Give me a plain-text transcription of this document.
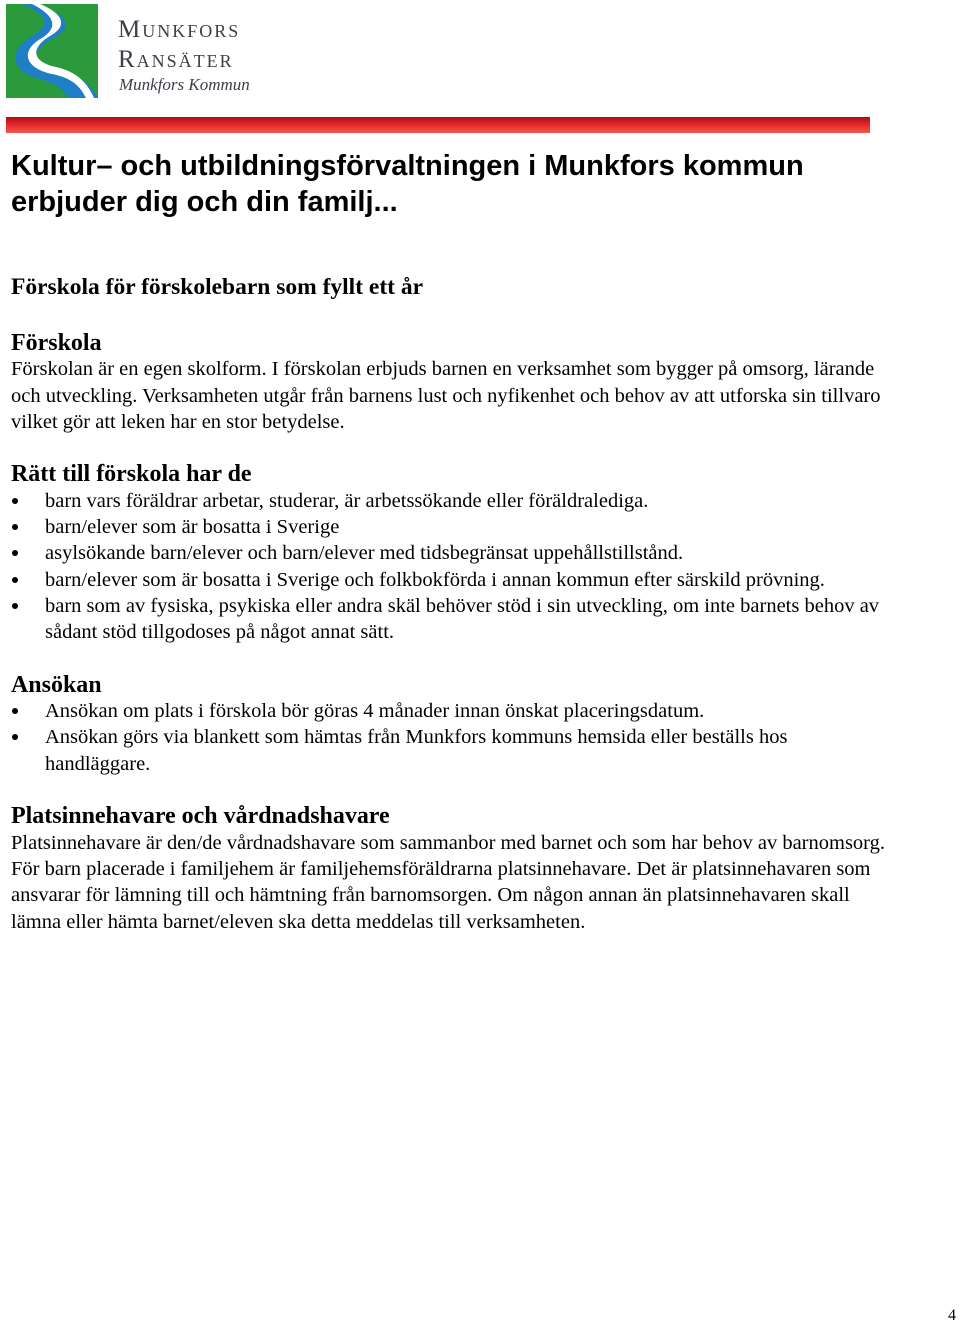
Munkfors
Ransäter
Munkfors Kommun
Kultur– och utbildningsförvaltningen i Munkfors kommun erbjuder dig och din familj...
Förskola för förskolebarn som fyllt ett år
Förskola

Förskolan är en egen skolform. I förskolan erbjuds barnen en verksamhet som bygger på omsorg, lärande och utveckling. Verksamheten utgår från barnens lust och nyfikenhet och behov av att utforska sin tillvaro vilket gör att leken har en stor betydelse.

Rätt till förskola har de
barn vars föräldrar arbetar, studerar, är arbetssökande eller föräldralediga.
barn/elever som är bosatta i Sverige
asylsökande barn/elever och barn/elever med tidsbegränsat uppehållstillstånd.
barn/elever som är bosatta i Sverige och folkbokförda i annan kommun efter särskild prövning.
barn som av fysiska, psykiska eller andra skäl behöver stöd i sin utveckling, om inte barnets behov av sådant stöd tillgodoses på något annat sätt.
Ansökan
Ansökan om plats i förskola bör göras 4 månader innan önskat placeringsdatum.
Ansökan görs via blankett som hämtas från Munkfors kommuns hemsida eller beställs hos handläggare.
Platsinnehavare och vårdnadshavare

Platsinnehavare är den/de vårdnadshavare som sammanbor med barnet och som har behov av barnomsorg. För barn placerade i familjehem är familjehemsföräldrarna platsinnehavare. Det är platsinnehavaren som ansvarar för lämning till och hämtning från barnomsorgen. Om någon annan än platsinnehavaren skall lämna eller hämta barnet/eleven ska detta meddelas till verksamheten.

4
